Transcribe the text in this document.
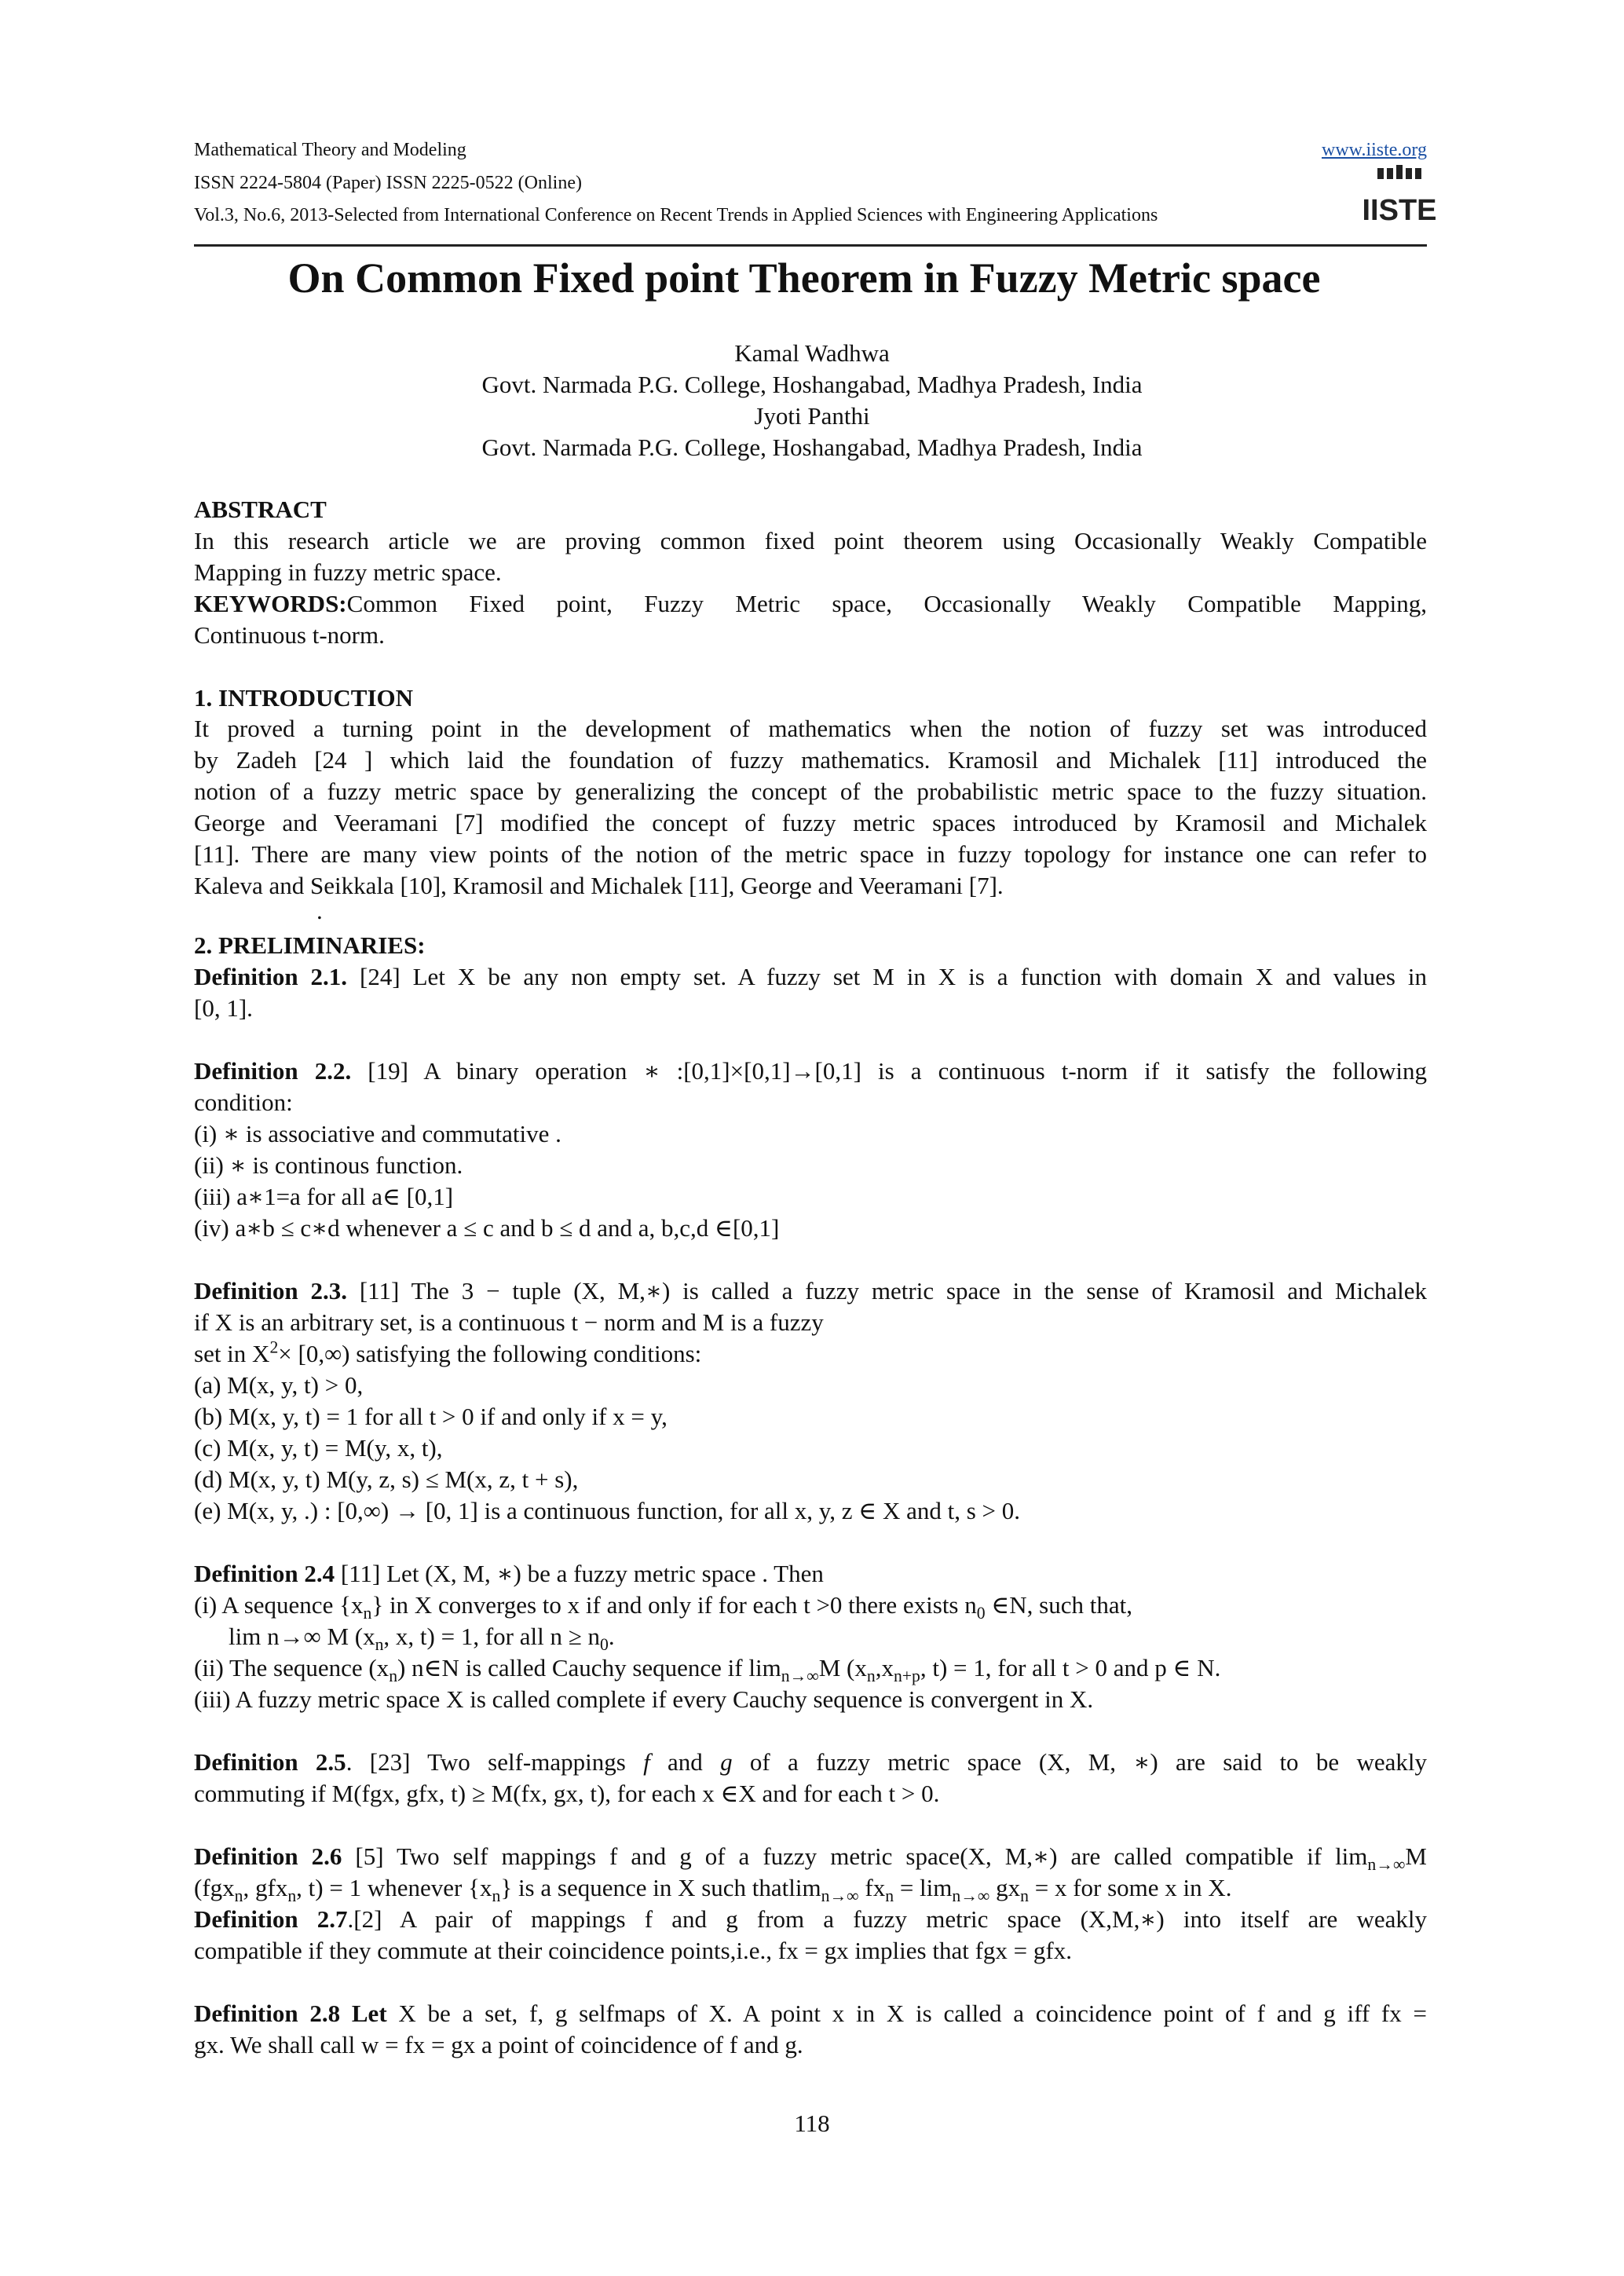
Mathematical Theory and Modeling	www.iiste.org
ISSN 2224-5804 (Paper) ISSN 2225-0522 (Online)
Vol.3, No.6, 2013-Selected from International Conference on Recent Trends in Applied Sciences with Engineering Applications	IISTE
On Common Fixed point Theorem in Fuzzy Metric space
Kamal Wadhwa
Govt. Narmada P.G. College, Hoshangabad, Madhya Pradesh, India
Jyoti Panthi
Govt. Narmada P.G. College, Hoshangabad, Madhya Pradesh, India
ABSTRACT
In this research article we are proving common fixed point theorem using Occasionally Weakly Compatible
Mapping in fuzzy metric space.
KEYWORDS:Common Fixed point, Fuzzy Metric space, Occasionally Weakly Compatible Mapping,
Continuous t-norm.
1. INTRODUCTION
It proved a turning point in the development of mathematics when the notion of fuzzy set was introduced
by Zadeh [24 ] which laid the foundation of fuzzy mathematics. Kramosil and Michalek [11] introduced the
notion of a fuzzy metric space by generalizing the concept of the probabilistic metric space to the fuzzy situation.
George and Veeramani [7] modified the concept of fuzzy metric spaces introduced by Kramosil and Michalek
[11]. There are many view points of the notion of the metric space in fuzzy topology for instance one can refer to
Kaleva and Seikkala [10], Kramosil and Michalek [11], George and Veeramani [7].
.
2. PRELIMINARIES:
Definition 2.1. [24] Let X be any non empty set. A fuzzy set M in X is a function with domain X and values in
[0, 1].
Definition 2.2. [19] A binary operation ∗ :[0,1]×[0,1]→[0,1] is a continuous t-norm if it satisfy the following
condition:
(i) ∗ is associative and commutative .
(ii) ∗ is continous function.
(iii) a∗1=a for all a∈ [0,1]
(iv) a∗b ≤ c∗d whenever a ≤ c and b ≤ d and a, b,c,d ∈[0,1]
Definition 2.3. [11] The 3 − tuple (X, M,∗) is called a fuzzy metric space in the sense of Kramosil and Michalek
if X is an arbitrary set, is a continuous t − norm and M is a fuzzy
set in $X^2\times [0,\infty)$ satisfying the following conditions:
(a) M(x, y, t) > 0,
(b) M(x, y, t) = 1 for all t > 0 if and only if x = y,
(c) M(x, y, t) = M(y, x, t),
(d) M(x, y, t) M(y, z, s) ≤ M(x, z, t + s),
(e) M(x, y, .) : [0,∞) → [0, 1] is a continuous function, for all x, y, z ∈ X and t, s > 0.
Definition 2.4 [11] Let (X, M, ∗) be a fuzzy metric space . Then
(i) A sequence $\{x_n\}$ in X converges to x if and only if for each t >0 there exists $n_0$ ∈N, such that,
lim n→∞ M ($x_n$, x, t) = 1, for all $n \ge n_0$.
(ii) The sequence $(x_n)$ n∈N is called Cauchy sequence if $\lim_{n\to\infty}M$ ($x_n,x_{n+p}$, t) = 1, for all t > 0 and p ∈ N.
(iii) A fuzzy metric space X is called complete if every Cauchy sequence is convergent in X.
Definition 2.5. [23] Two self-mappings f and g of a fuzzy metric space (X, M, ∗) are said to be weakly
commuting if M(fgx, gfx, t) ≥ M(fx, gx, t), for each x ∈X and for each t > 0.
Definition 2.6 [5] Two self mappings f and g of a fuzzy metric space(X, M,∗) are called compatible if $\lim_{n\to\infty}M$
(fgx$_n$, gfx$_n$, t) = 1 whenever $\{x_n\}$ is a sequence in X such thatlim$_{n\to\infty}$ $fx_n = \lim_{n\to\infty} gx_n = x$ for some x in X.
Definition 2.7.[2] A pair of mappings f and g from a fuzzy metric space (X,M,∗) into itself are weakly
compatible if they commute at their coincidence points,i.e., fx = gx implies that fgx = gfx.
Definition 2.8 Let X be a set, f, g selfmaps of X. A point x in X is called a coincidence point of f and g iff fx =
gx. We shall call w = fx = gx a point of coincidence of f and g.
118
